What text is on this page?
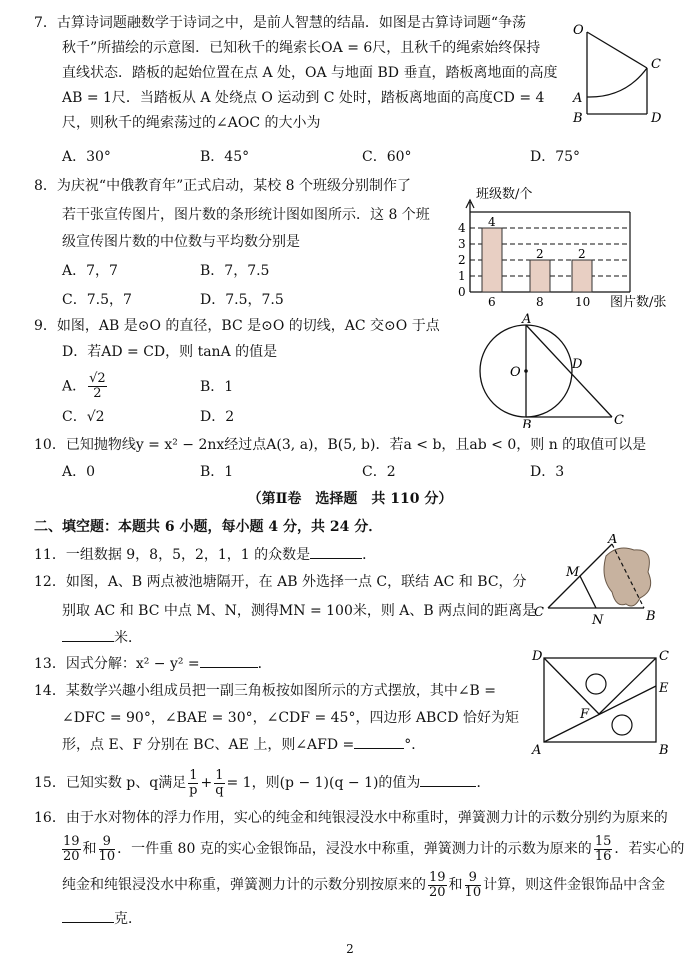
7．古算诗词题融数学于诗词之中，是前人智慧的结晶．如图是古算诗词题“争荡
秋千”所描绘的示意图．已知秋千的绳索长OA = 6尺，且秋千的绳索始终保持
直线状态．踏板的起始位置在点 A 处，OA 与地面 BD 垂直，踏板离地面的高度
AB = 1尺．当踏板从 A 处绕点 O 运动到 C 处时，踏板离地面的高度CD = 4
尺，则秋千的绳索荡过的∠AOC 的大小为
A．30°	B．45°	C．60°	D．75°
O
A
B
C
D
8．为庆祝“中俄教育年”正式启动，某校 8 个班级分别制作了
若干张宣传图片，图片数的条形统计图如图所示．这 8 个班
级宣传图片数的中位数与平均数分别是
A．7，7	B．7，7.5
C．7.5，7	D．7.5，7.5
班级数/个
图片数/张
0
1
2
3
4 4
6
2
8
2
10
9．如图，AB 是⊙O 的直径，BC 是⊙O 的切线，AC 交⊙O 于点
D．若AD = CD，则 tanA 的值是
A． $\frac{√2}{2}$	B．1
C．√2	D．2
A
B	C
D
O
10．已知抛物线y = x² − 2nx经过点A(3, a)，B(5, b)．若a < b，且ab < 0，则 n 的取值可以是
A．0	B．1	C．2	D．3
（第Ⅱ卷　选择题　共 110 分）
二、填空题：本题共 6 小题，每小题 4 分，共 24 分．
11．一组数据 9，8，5，2，1，1 的众数是	．
12．如图，A、B 两点被池塘隔开，在 AB 外选择一点 C，联结 AC 和 BC，分
别取 AC 和 BC 中点 M、N，测得MN = 100米，则 A、B 两点间的距离是
米．
A
B
C
M
N
13．因式分解：x² − y² =	．
14．某数学兴趣小组成员把一副三角板按如图所示的方式摆放，其中∠B =
∠DFC = 90°，∠BAE = 30°，∠CDF = 45°，四边形 ABCD 恰好为矩
形，点 E、F 分别在 BC、AE 上，则∠AFD =	°．
D	C
E
F
A	B
15．已知实数 p、q满足 $\frac{1}{p} + \frac{1}{q} = 1$，则(p − 1)(q − 1)的值为	．
16．由于水对物体的浮力作用，实心的纯金和纯银浸没水中称重时，弹簧测力计的示数分别约为原来的
$\frac{19}{20}$ 和 $\frac{9}{10}$ ．一件重 80 克的实心金银饰品，浸没水中称重，弹簧测力计的示数为原来的 $\frac{15}{16}$ ．若实心的
纯金和纯银浸没水中称重，弹簧测力计的示数分别按原来的 $\frac{19}{20}$ 和 $\frac{9}{10}$ 计算，则这件金银饰品中含金
克．
2
